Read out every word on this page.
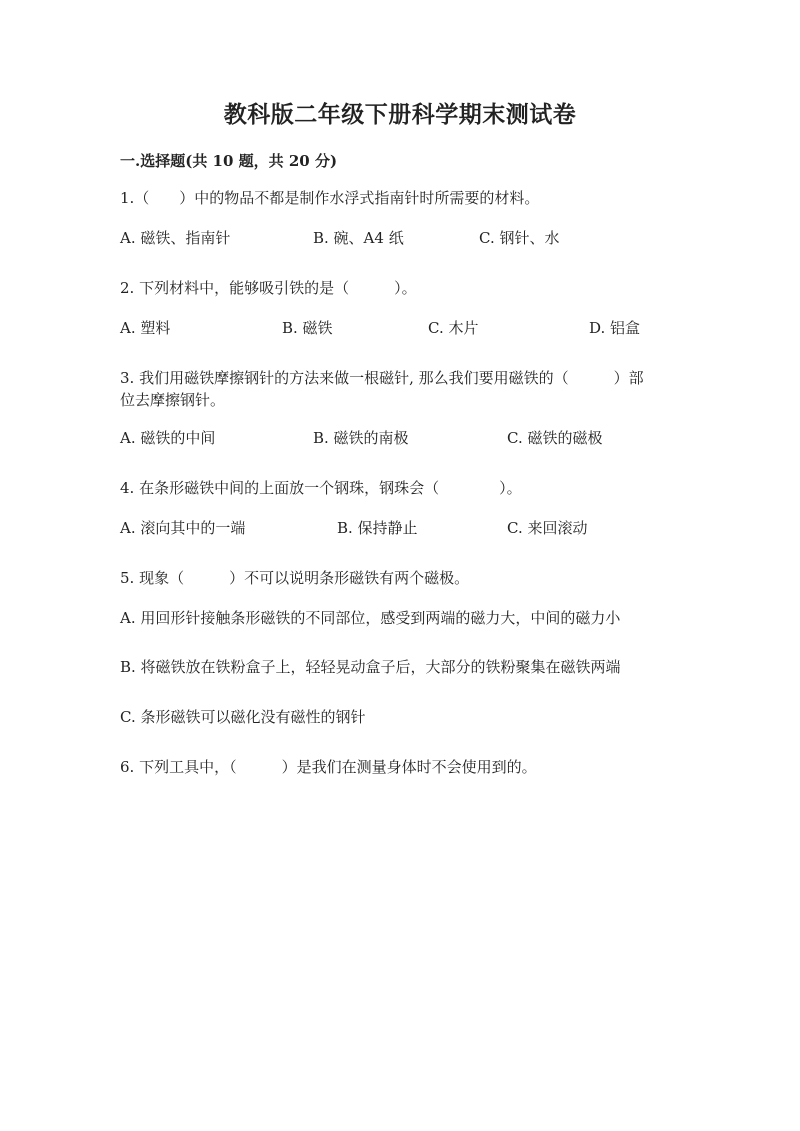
教科版二年级下册科学期末测试卷
一.选择题(共 10 题，共 20 分)
1.（　　）中的物品不都是制作水浮式指南针时所需要的材料。
A. 磁铁、指南针	B. 碗、A4 纸	C. 钢针、水
2. 下列材料中，能够吸引铁的是（　　　）。
A. 塑料	B. 磁铁	C. 木片	D. 铝盒
3. 我们用磁铁摩擦钢针的方法来做一根磁针, 那么我们要用磁铁的（　　　）部
位去摩擦钢针。
A. 磁铁的中间	B. 磁铁的南极	C. 磁铁的磁极
4. 在条形磁铁中间的上面放一个钢珠，钢珠会（　　　　）。
A. 滚向其中的一端	B. 保持静止	C. 来回滚动
5. 现象（　　　）不可以说明条形磁铁有两个磁极。
A. 用回形针接触条形磁铁的不同部位，感受到两端的磁力大，中间的磁力小
B. 将磁铁放在铁粉盒子上，轻轻晃动盒子后，大部分的铁粉聚集在磁铁两端
C. 条形磁铁可以磁化没有磁性的钢针
6. 下列工具中，（　　　）是我们在测量身体时不会使用到的。
